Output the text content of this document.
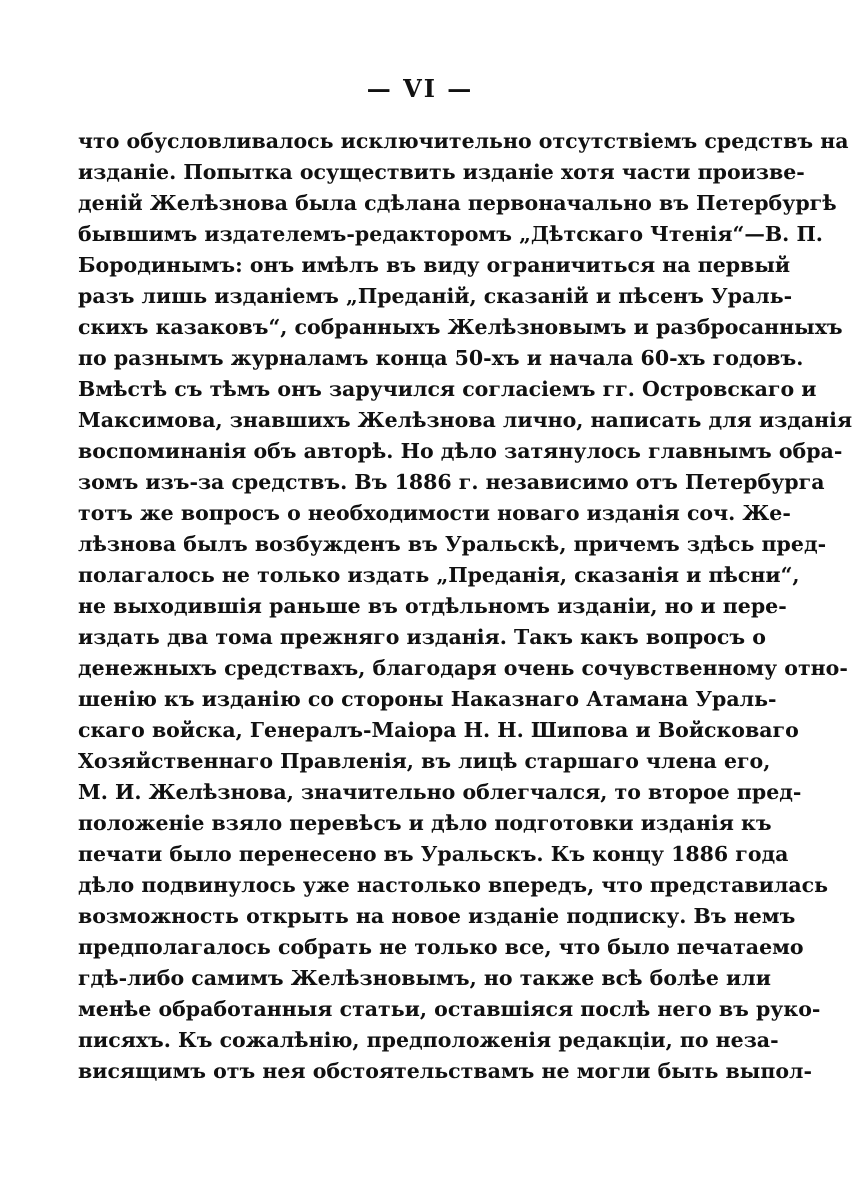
— VI —
что обусловливалось исключительно отсутствіемъ средствъ на
изданіе. Попытка осуществить изданіе хотя части произве-
деній Желѣзнова была сдѣлана первоначально въ Петербургѣ
бывшимъ издателемъ-редакторомъ „Дѣтскаго Чтенія“—В. П.
Бородинымъ: онъ имѣлъ въ виду ограничиться на первый
разъ лишь изданіемъ „Преданій, сказаній и пѣсенъ Ураль-
скихъ казаковъ“, собранныхъ Желѣзновымъ и разбросанныхъ
по разнымъ журналамъ конца 50-хъ и начала 60-хъ годовъ.
Вмѣстѣ съ тѣмъ онъ заручился согласіемъ гг. Островскаго и
Максимова, знавшихъ Желѣзнова лично, написать для изданія
воспоминанія объ авторѣ. Но дѣло затянулось главнымъ обра-
зомъ изъ-за средствъ. Въ 1886 г. независимо отъ Петербурга
тотъ же вопросъ о необходимости новаго изданія соч. Же-
лѣзнова былъ возбужденъ въ Уральскѣ, причемъ здѣсь пред-
полагалось не только издать „Преданія, сказанія и пѣсни“,
не выходившія раньше въ отдѣльномъ изданіи, но и пере-
издать два тома прежняго изданія. Такъ какъ вопросъ о
денежныхъ средствахъ, благодаря очень сочувственному отно-
шенію къ изданію со стороны Наказнаго Атамана Ураль-
скаго войска, Генералъ-Маіора Н. Н. Шипова и Войсковаго
Хозяйственнаго Правленія, въ лицѣ старшаго члена его,
М. И. Желѣзнова, значительно облегчался, то второе пред-
положеніе взяло перевѣсъ и дѣло подготовки изданія къ
печати было перенесено въ Уральскъ. Къ концу 1886 года
дѣло подвинулось уже настолько впередъ, что представилась
возможность открыть на новое изданіе подписку. Въ немъ
предполагалось собрать не только все, что было печатаемо
гдѣ-либо самимъ Желѣзновымъ, но также всѣ болѣе или
менѣе обработанныя статьи, оставшіяся послѣ него въ руко-
писяхъ. Къ сожалѣнію, предположенія редакціи, по неза-
висящимъ отъ нея обстоятельствамъ не могли быть выпол-
